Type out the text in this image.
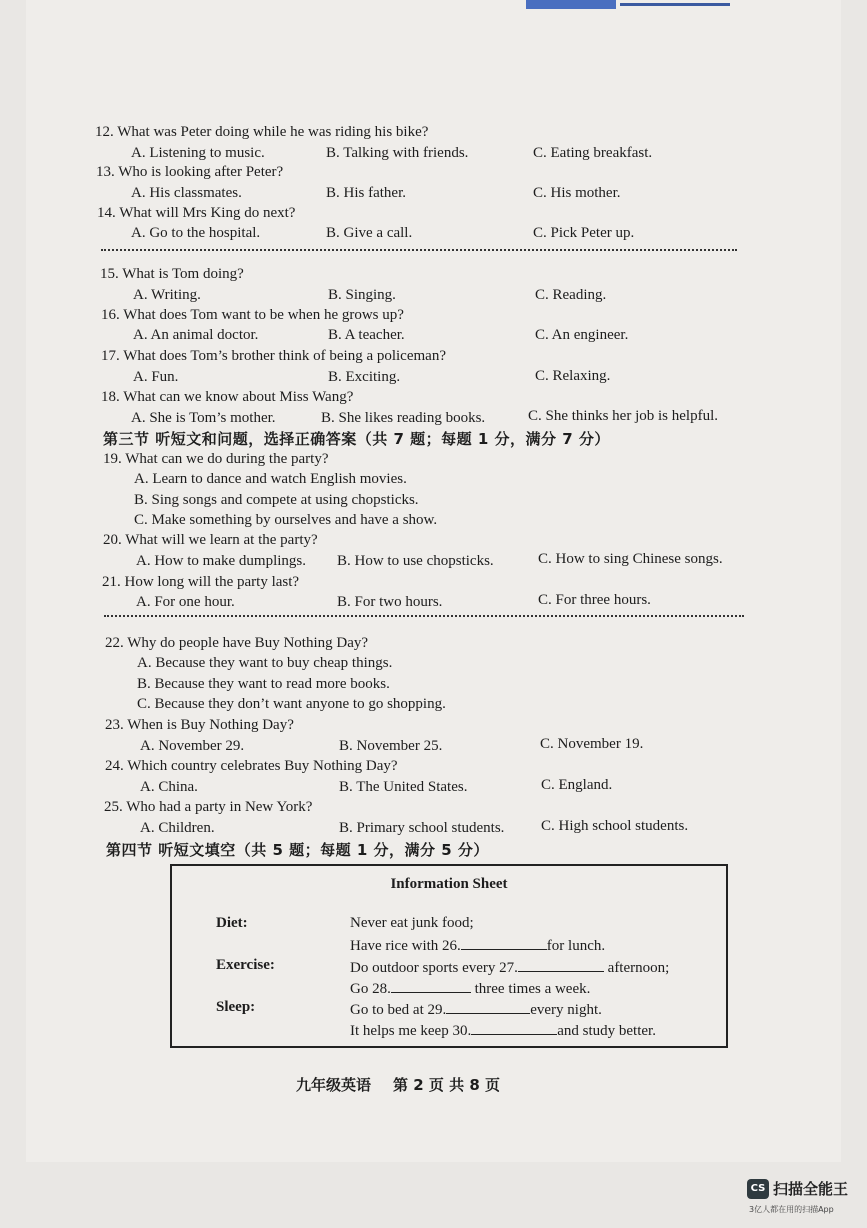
12. What was Peter doing while he was riding his bike?
A. Listening to music.	B. Talking with friends.	C. Eating breakfast.
13. Who is looking after Peter?
A. His classmates.	B. His father.	C. His mother.
14. What will Mrs King do next?
A. Go to the hospital.	B. Give a call.	C. Pick Peter up.
15. What is Tom doing?
A. Writing.	B. Singing.	C. Reading.
16. What does Tom want to be when he grows up?
A. An animal doctor.	B. A teacher.	C. An engineer.
17. What does Tom’s brother think of being a policeman?
A. Fun.	B. Exciting.	C. Relaxing.
18. What can we know about Miss Wang?
A. She is Tom’s mother.	B. She likes reading books.	C. She thinks her job is helpful.
第三节 听短文和问题，选择正确答案（共 7 题；每题 1 分，满分 7 分）
19. What can we do during the party?
A. Learn to dance and watch English movies.
B. Sing songs and compete at using chopsticks.
C. Make something by ourselves and have a show.
20. What will we learn at the party?
A. How to make dumplings. B. How to use chopsticks.	C. How to sing Chinese songs.
21. How long will the party last?
A. For one hour.	B. For two hours.	C. For three hours.
22. Why do people have Buy Nothing Day?
A. Because they want to buy cheap things.
B. Because they want to read more books.
C. Because they don’t want anyone to go shopping.
23. When is Buy Nothing Day?
A. November 29.	B. November 25.	C. November 19.
24. Which country celebrates Buy Nothing Day?
A. China.	B. The United States.	C. England.
25. Who had a party in New York?
A. Children.	B. Primary school students. C. High school students.
第四节 听短文填空（共 5 题；每题 1 分，满分 5 分）
Information Sheet
Diet:	Never eat junk food;
Have rice with 26.	for lunch.
Exercise:	Do outdoor sports every 27.	afternoon;
Go 28.	three times a week.
Sleep:	Go to bed at 29.	every night.
It helps me keep 30.	and study better.
九年级英语 第 2 页 共 8 页
CS 扫描全能王
3亿人都在用的扫描App
